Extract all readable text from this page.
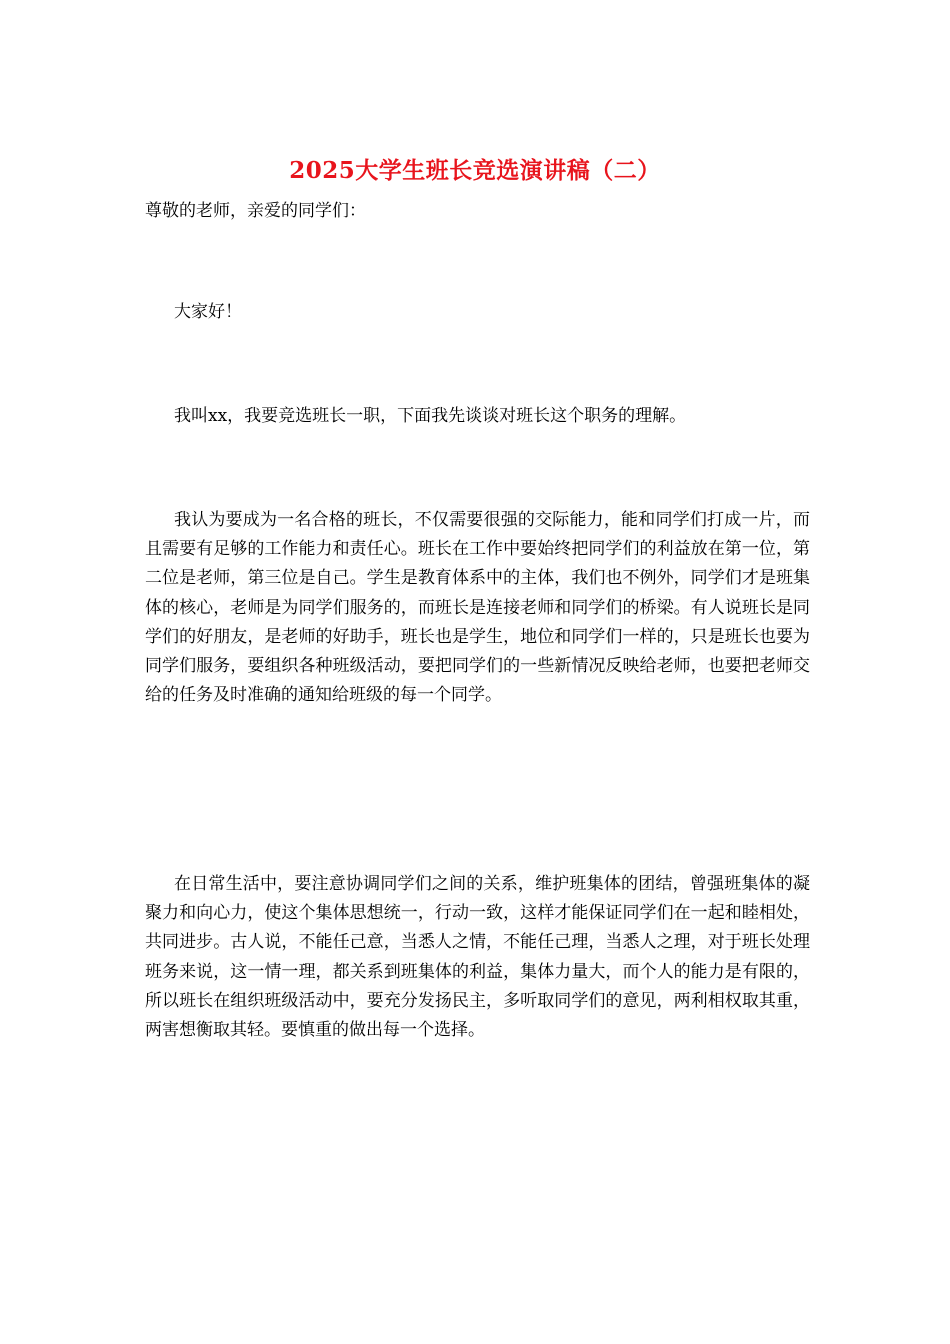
2025大学生班长竞选演讲稿（二）
尊敬的老师，亲爱的同学们：

大家好！

我叫xx，我要竞选班长一职，下面我先谈谈对班长这个职务的理解。

我认为要成为一名合格的班长，不仅需要很强的交际能力，能和同学们打成一片，而且需要有足够的工作能力和责任心。班长在工作中要始终把同学们的利益放在第一位，第二位是老师，第三位是自己。学生是教育体系中的主体，我们也不例外，同学们才是班集体的核心，老师是为同学们服务的，而班长是连接老师和同学们的桥梁。有人说班长是同学们的好朋友，是老师的好助手，班长也是学生，地位和同学们一样的，只是班长也要为同学们服务，要组织各种班级活动，要把同学们的一些新情况反映给老师，也要把老师交给的任务及时准确的通知给班级的每一个同学。

在日常生活中，要注意协调同学们之间的关系，维护班集体的团结，曾强班集体的凝聚力和向心力，使这个集体思想统一，行动一致，这样才能保证同学们在一起和睦相处，共同进步。古人说，不能任己意，当悉人之情，不能任己理，当悉人之理，对于班长处理班务来说，这一情一理，都关系到班集体的利益，集体力量大，而个人的能力是有限的，所以班长在组织班级活动中，要充分发扬民主，多听取同学们的意见，两利相权取其重，两害想衡取其轻。要慎重的做出每一个选择。
